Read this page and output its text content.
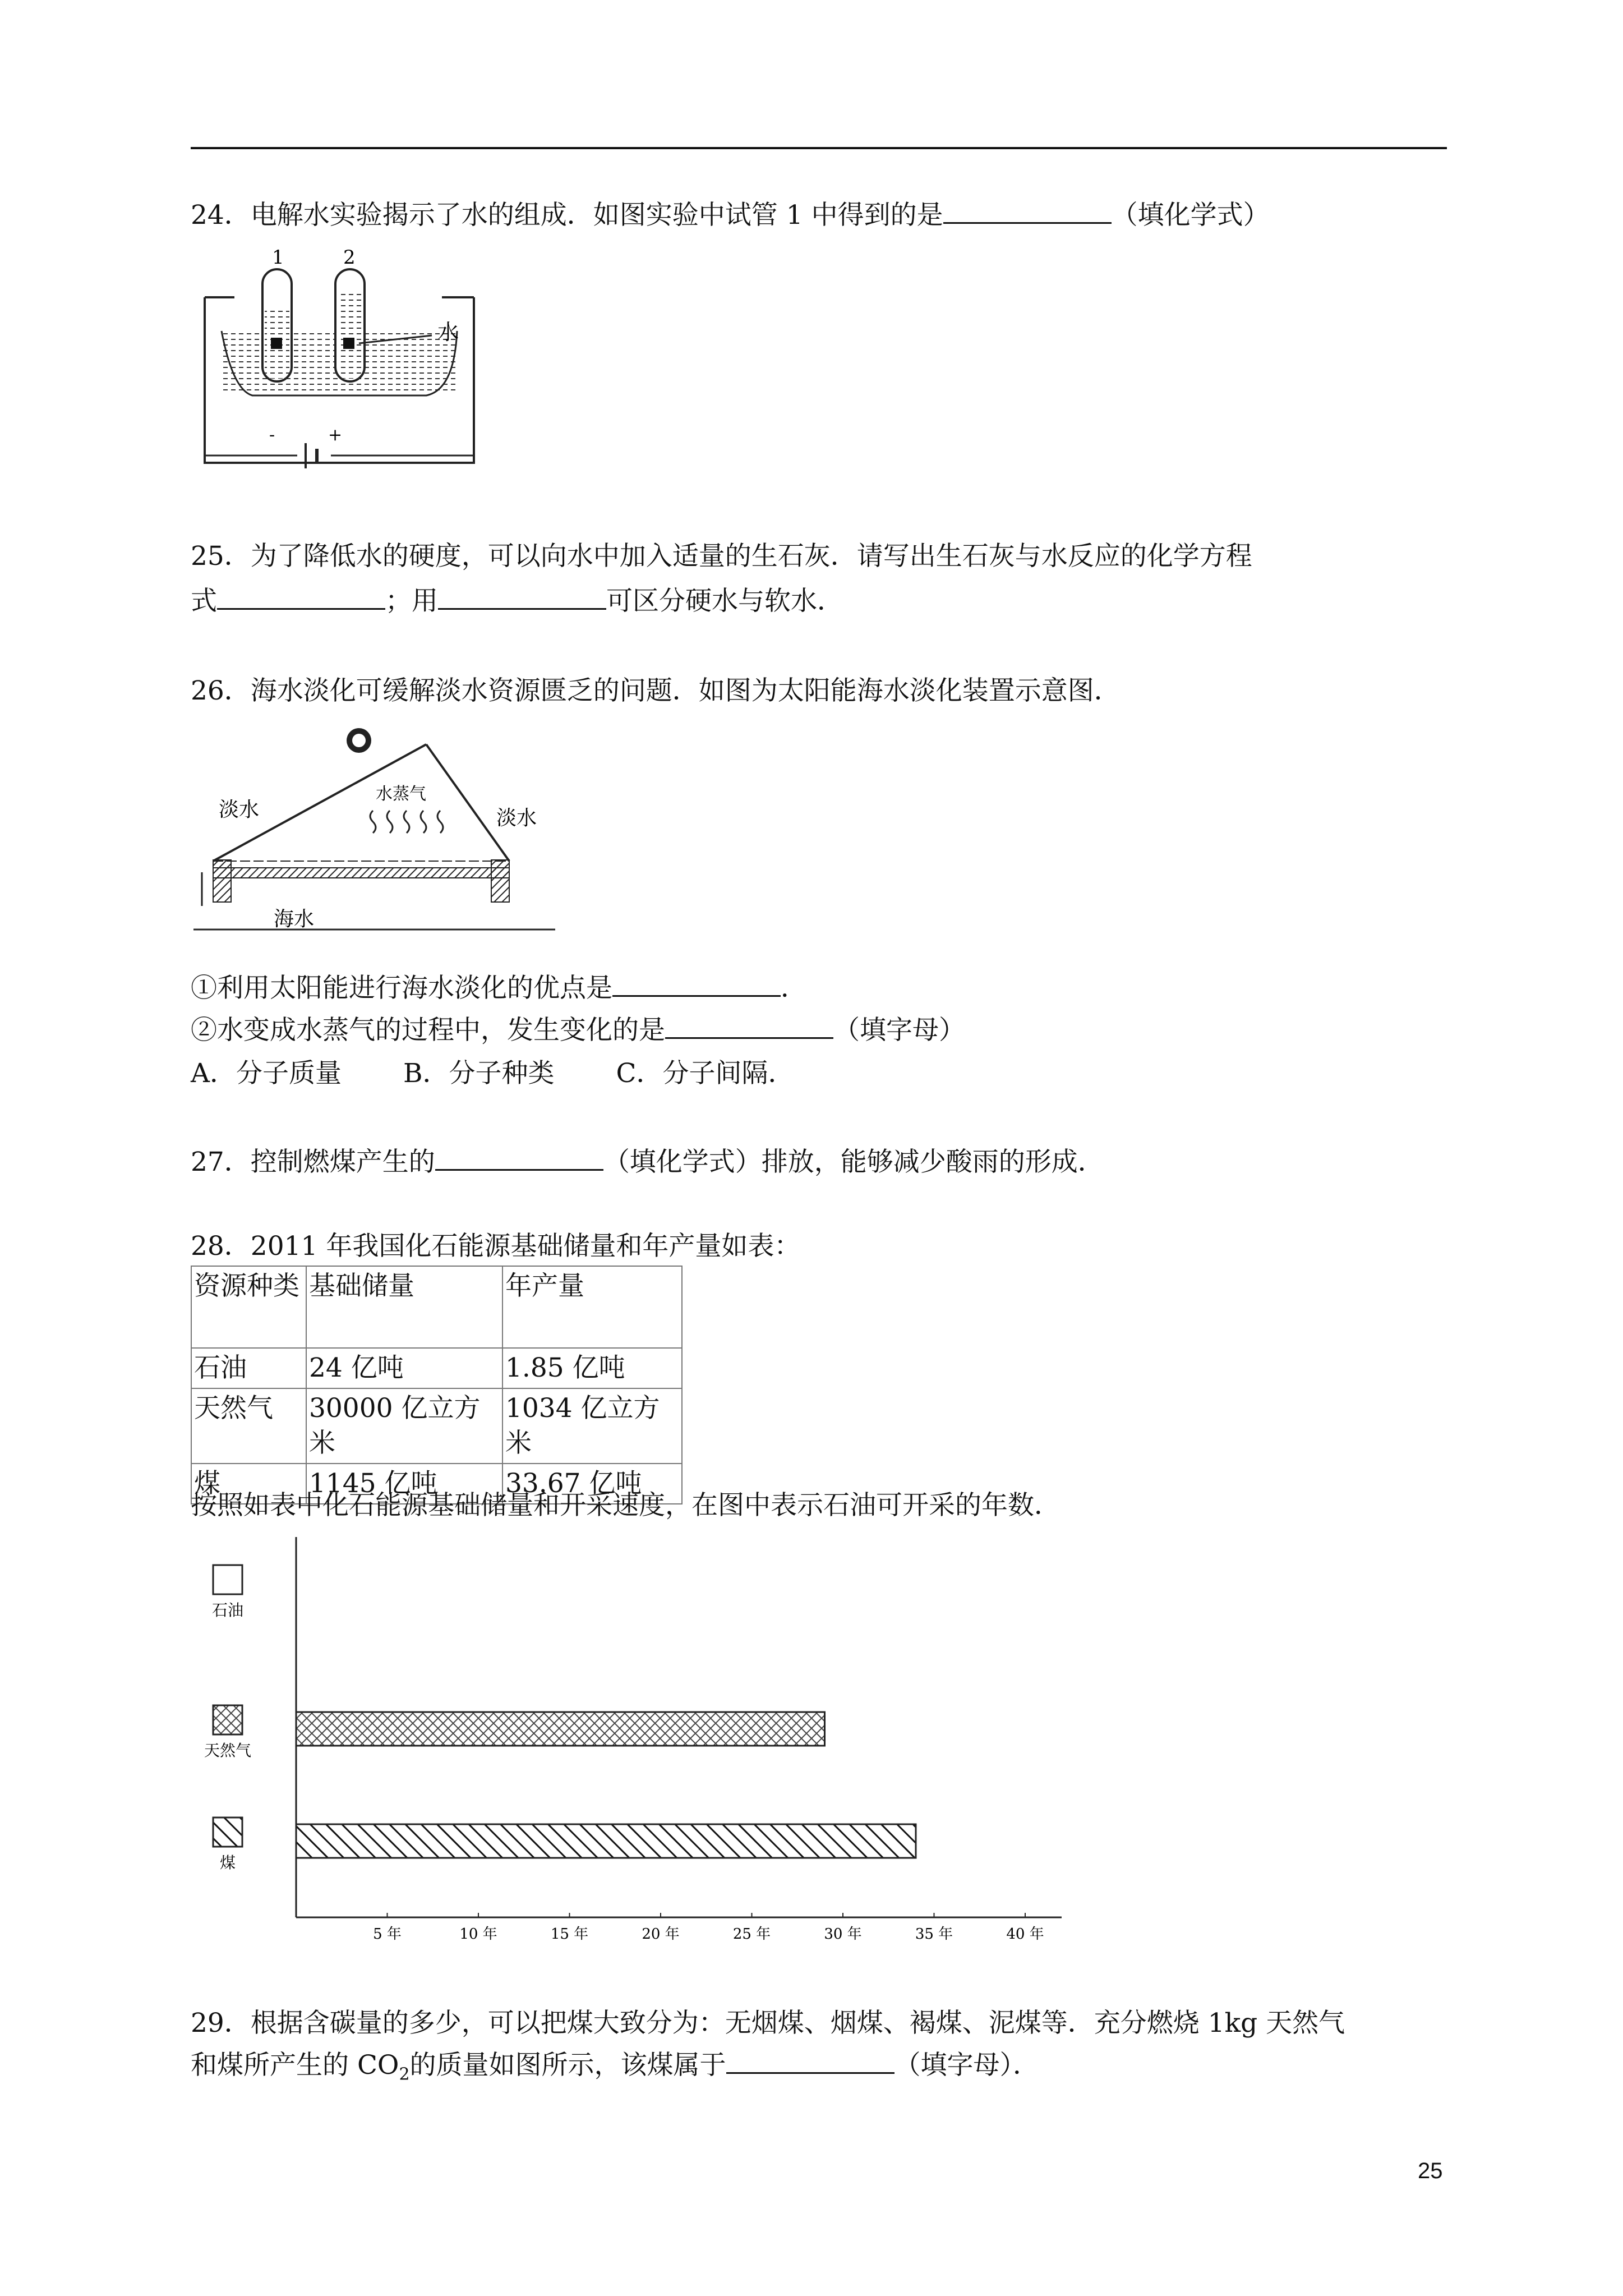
24．电解水实验揭示了水的组成．如图实验中试管 1 中得到的是	（填化学式）
1	2
水
-	+
25．为了降低水的硬度，可以向水中加入适量的生石灰．请写出生石灰与水反应的化学方程
式	；用	可区分硬水与软水．
26．海水淡化可缓解淡水资源匮乏的问题．如图为太阳能海水淡化装置示意图．
淡水	淡水
水蒸气
海水
①利用太阳能进行海水淡化的优点是	．
②水变成水蒸气的过程中，发生变化的是	（填字母）
A．分子质量 B．分子种类 C．分子间隔．
27．控制燃煤产生的	（填化学式）排放，能够减少酸雨的形成．
28．2011 年我国化石能源基础储量和年产量如表：
资源种类	基础储量	年产量
石油	24 亿吨	1.85 亿吨
天然气	30000 亿立方米	1034 亿立方米
煤	1145 亿吨	33.67 亿吨
按照如表中化石能源基础储量和开采速度，在图中表示石油可开采的年数．
5 年	10 年	15 年	20 年	25 年	30 年	35 年	40 年
石油
天然气
煤
29．根据含碳量的多少，可以把煤大致分为：无烟煤、烟煤、褐煤、泥煤等．充分燃烧 1kg 天然气
和煤所产生的 $CO_2$的质量如图所示，该煤属于	（填字母）．
25
